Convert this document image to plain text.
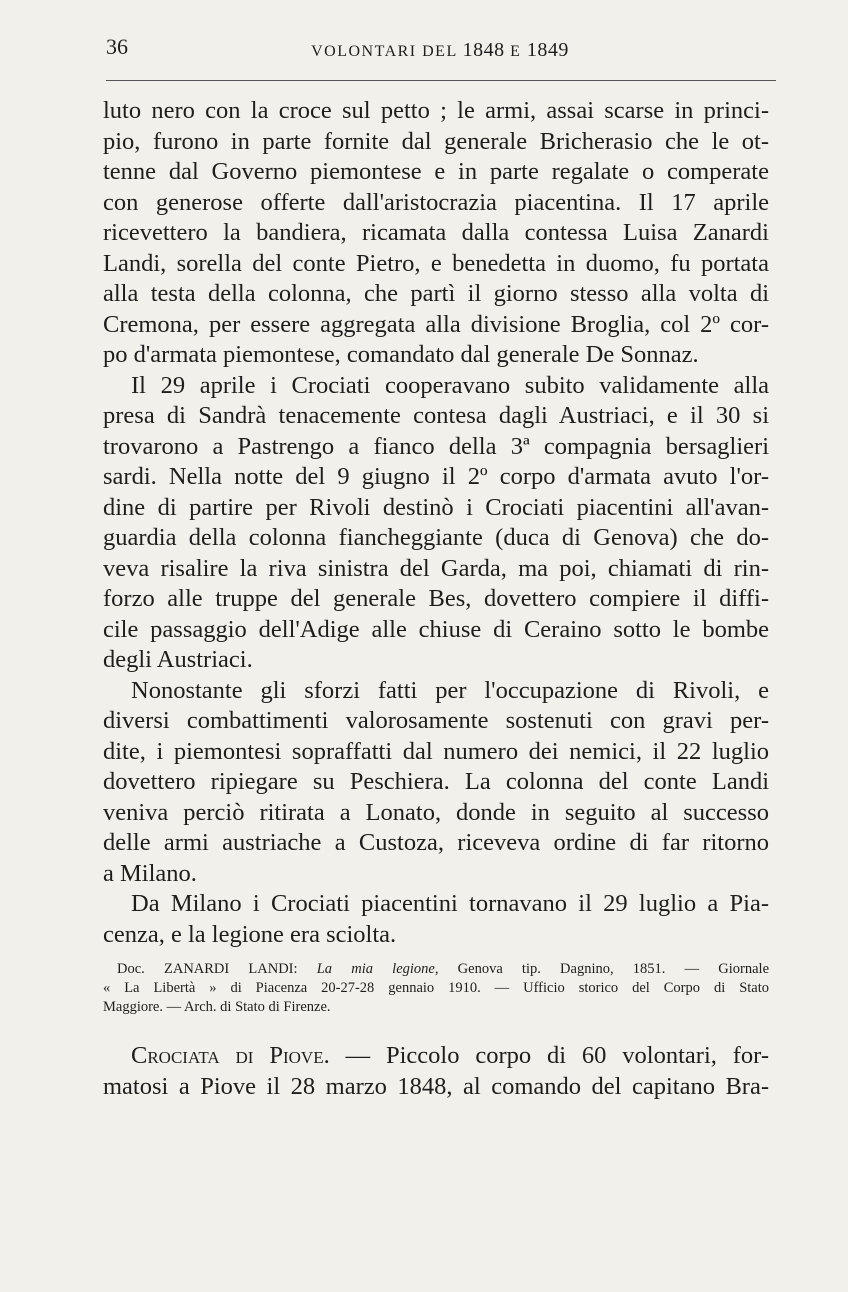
36	VOLONTARI DEL 1848 E 1849
luto nero con la croce sul petto ; le armi, assai scarse in princi-
pio, furono in parte fornite dal generale Bricherasio che le ot-
tenne dal Governo piemontese e in parte regalate o comperate
con generose offerte dall'aristocrazia piacentina. Il 17 aprile
ricevettero la bandiera, ricamata dalla contessa Luisa Zanardi
Landi, sorella del conte Pietro, e benedetta in duomo, fu portata
alla testa della colonna, che partì il giorno stesso alla volta di
Cremona, per essere aggregata alla divisione Broglia, col 2º cor-
po d'armata piemontese, comandato dal generale De Sonnaz.
Il 29 aprile i Crociati cooperavano subito validamente alla
presa di Sandrà tenacemente contesa dagli Austriaci, e il 30 si
trovarono a Pastrengo a fianco della 3ª compagnia bersaglieri
sardi. Nella notte del 9 giugno il 2º corpo d'armata avuto l'or-
dine di partire per Rivoli destinò i Crociati piacentini all'avan-
guardia della colonna fiancheggiante (duca di Genova) che do-
veva risalire la riva sinistra del Garda, ma poi, chiamati di rin-
forzo alle truppe del generale Bes, dovettero compiere il diffi-
cile passaggio dell'Adige alle chiuse di Ceraino sotto le bombe
degli Austriaci.
Nonostante gli sforzi fatti per l'occupazione di Rivoli, e
diversi combattimenti valorosamente sostenuti con gravi per-
dite, i piemontesi sopraffatti dal numero dei nemici, il 22 luglio
dovettero ripiegare su Peschiera. La colonna del conte Landi
veniva perciò ritirata a Lonato, donde in seguito al successo
delle armi austriache a Custoza, riceveva ordine di far ritorno
a Milano.
Da Milano i Crociati piacentini tornavano il 29 luglio a Pia-
cenza, e la legione era sciolta.
Doc. ZANARDI LANDI: La mia legione, Genova tip. Dagnino, 1851. — Giornale
« La Libertà » di Piacenza 20-27-28 gennaio 1910. — Ufficio storico del Corpo di Stato
Maggiore. — Arch. di Stato di Firenze.
Crociata di Piove. — Piccolo corpo di 60 volontari, for-
matosi a Piove il 28 marzo 1848, al comando del capitano Bra-
